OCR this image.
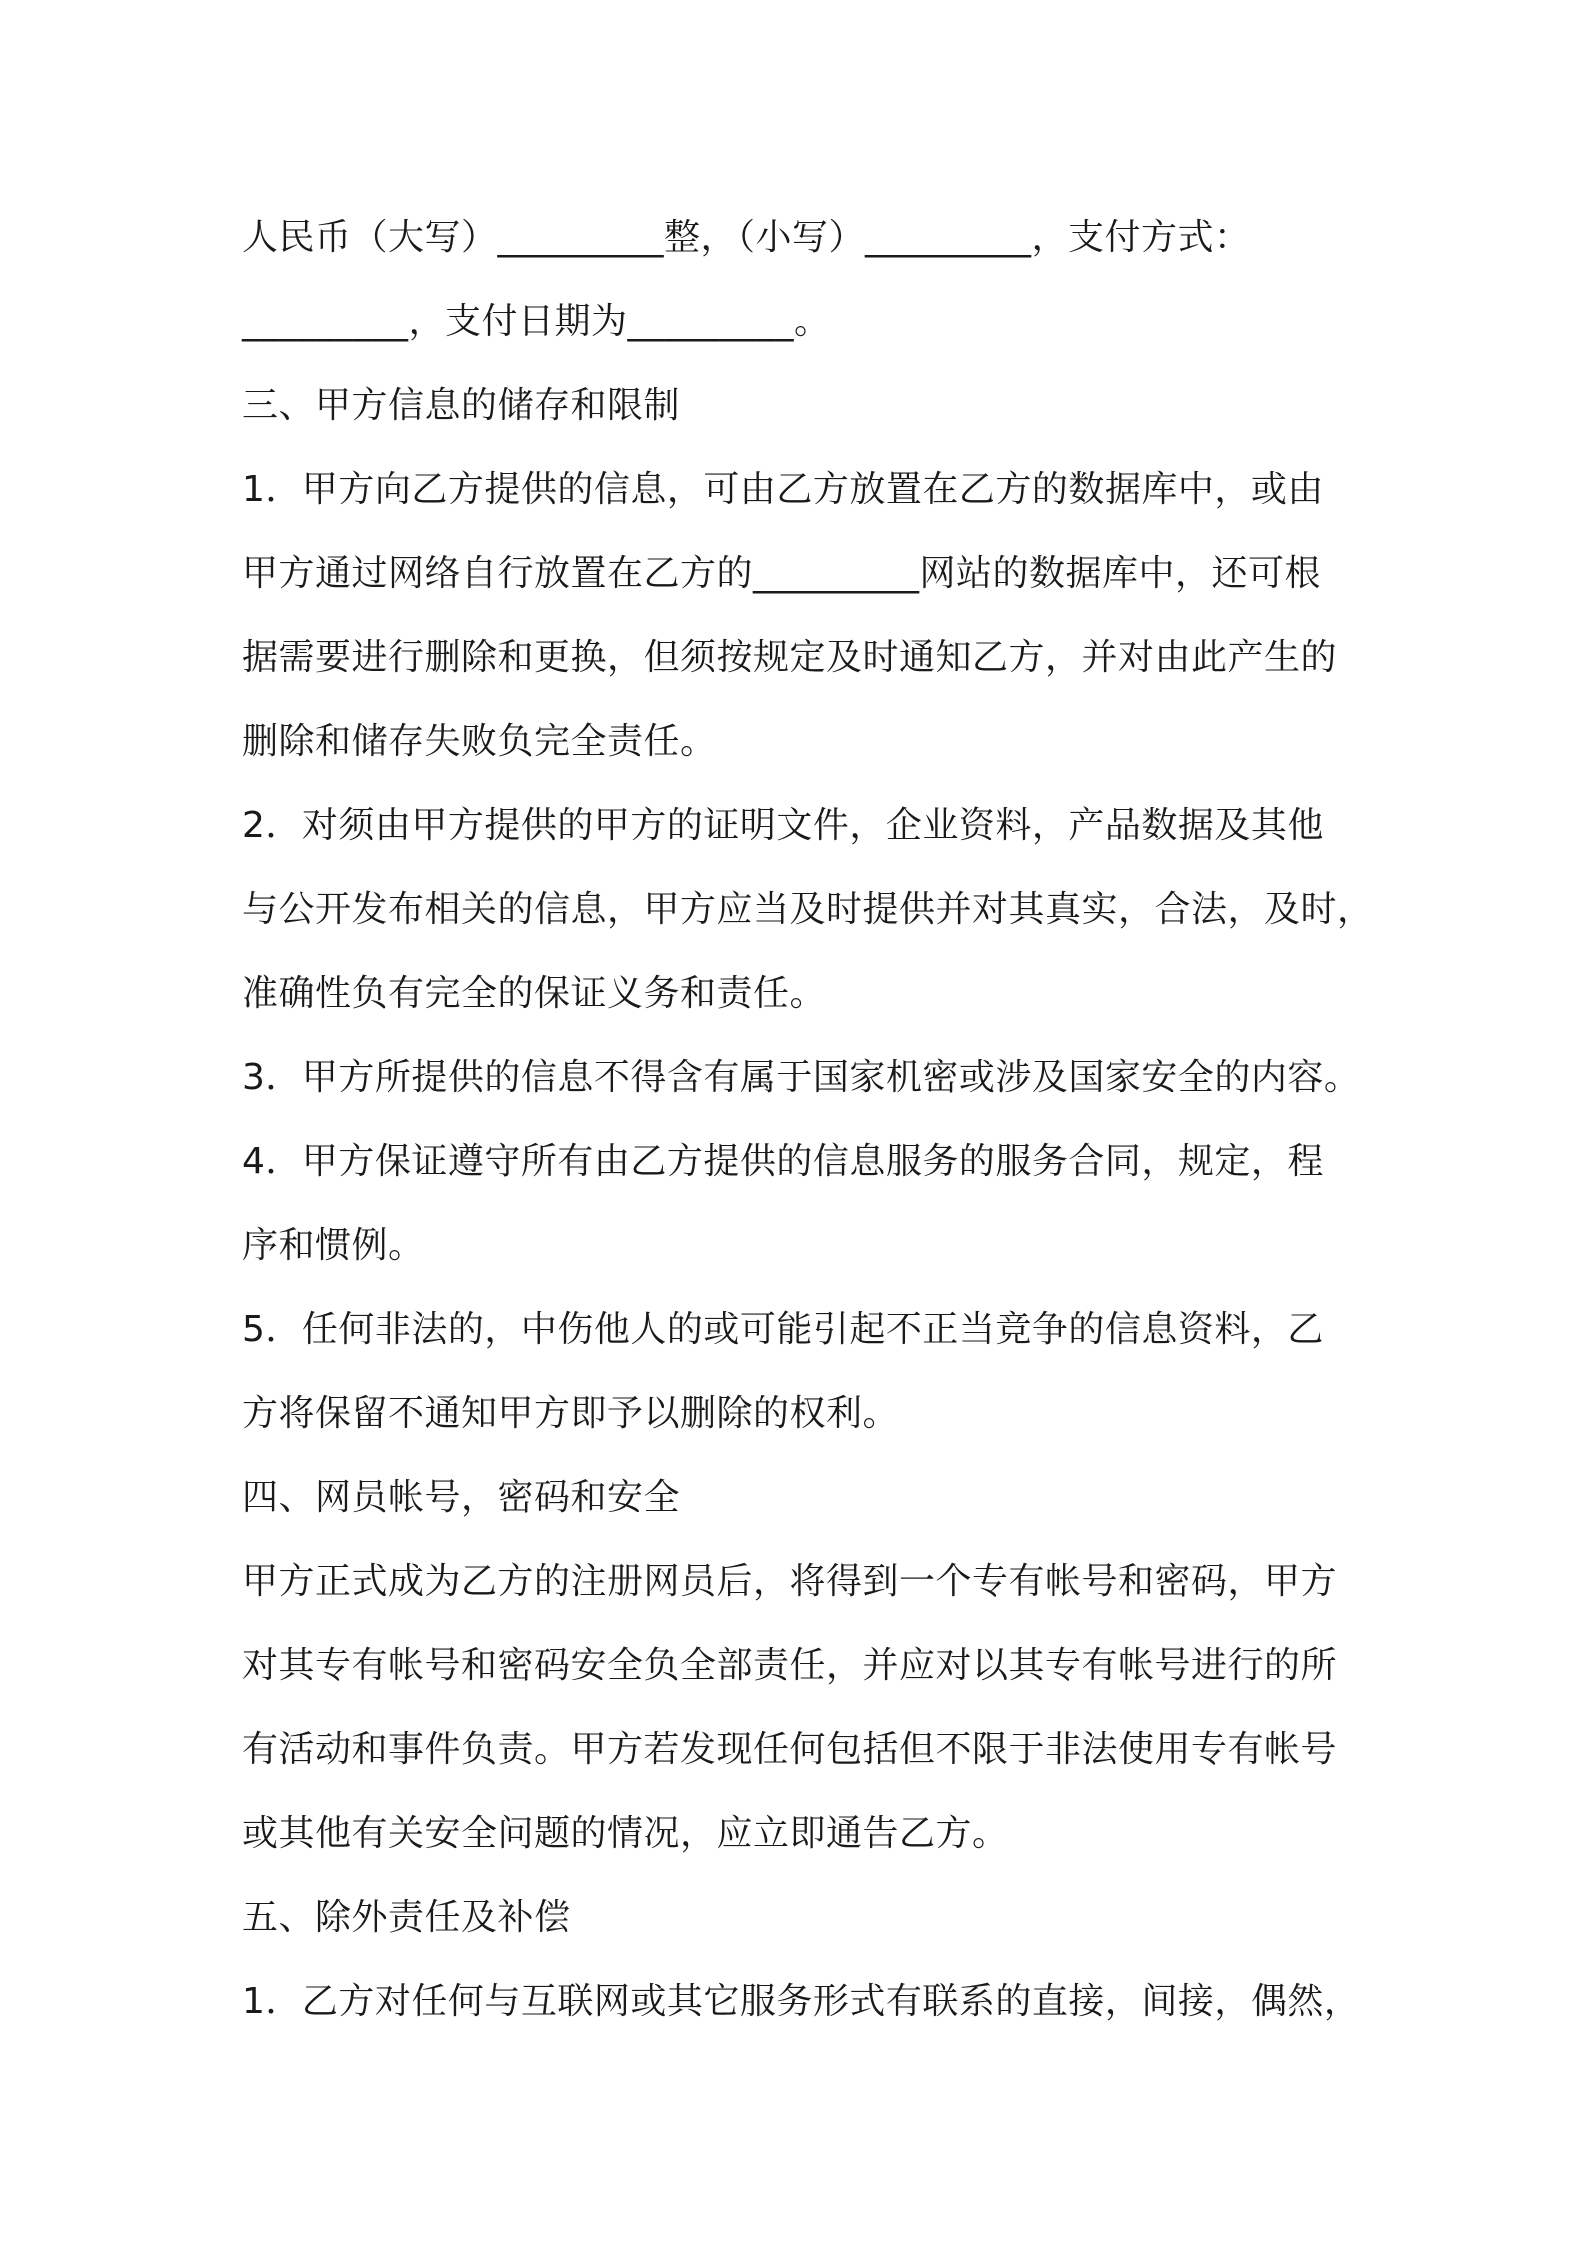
人民币（大写）_________整，（小写）_________，支付方式：
_________，支付日期为_________。
三、甲方信息的储存和限制
1．甲方向乙方提供的信息，可由乙方放置在乙方的数据库中，或由
甲方通过网络自行放置在乙方的_________网站的数据库中，还可根
据需要进行删除和更换，但须按规定及时通知乙方，并对由此产生的
删除和储存失败负完全责任。
2．对须由甲方提供的甲方的证明文件，企业资料，产品数据及其他
与公开发布相关的信息，甲方应当及时提供并对其真实，合法，及时，
准确性负有完全的保证义务和责任。
3．甲方所提供的信息不得含有属于国家机密或涉及国家安全的内容。
4．甲方保证遵守所有由乙方提供的信息服务的服务合同，规定，程
序和惯例。
5．任何非法的，中伤他人的或可能引起不正当竞争的信息资料，乙
方将保留不通知甲方即予以删除的权利。
四、网员帐号，密码和安全
甲方正式成为乙方的注册网员后，将得到一个专有帐号和密码，甲方
对其专有帐号和密码安全负全部责任，并应对以其专有帐号进行的所
有活动和事件负责。甲方若发现任何包括但不限于非法使用专有帐号
或其他有关安全问题的情况，应立即通告乙方。
五、除外责任及补偿
1．乙方对任何与互联网或其它服务形式有联系的直接，间接，偶然，
